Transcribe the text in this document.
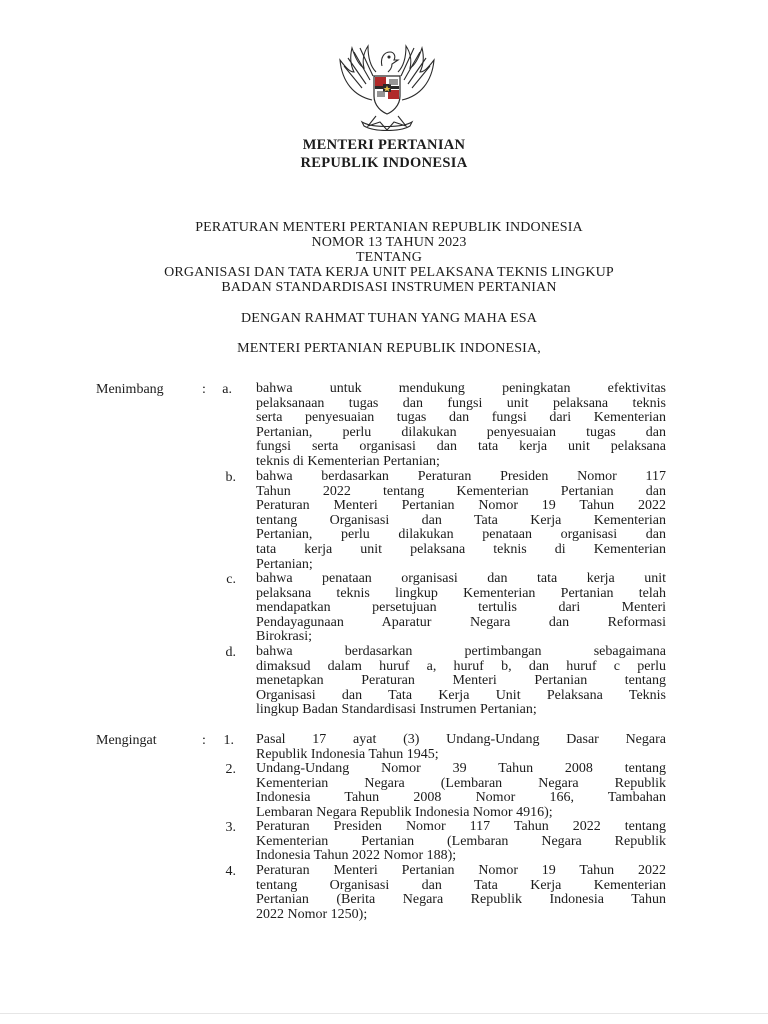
MENTERI PERTANIAN
REPUBLIK INDONESIA
PERATURAN MENTERI PERTANIAN REPUBLIK INDONESIA
NOMOR 13 TAHUN 2023
TENTANG
ORGANISASI DAN TATA KERJA UNIT PELAKSANA TEKNIS LINGKUP
BADAN STANDARDISASI INSTRUMEN PERTANIAN
DENGAN RAHMAT TUHAN YANG MAHA ESA
MENTERI PERTANIAN REPUBLIK INDONESIA,
Menimbang	:	a. bahwa untuk mendukung peningkatan efektivitas
pelaksanaan tugas dan fungsi unit pelaksana teknis
serta penyesuaian tugas dan fungsi dari Kementerian
Pertanian, perlu dilakukan penyesuaian tugas dan
fungsi serta organisasi dan tata kerja unit pelaksana
teknis di Kementerian Pertanian;
b. bahwa berdasarkan Peraturan Presiden Nomor 117
Tahun 2022 tentang Kementerian Pertanian dan
Peraturan Menteri Pertanian Nomor 19 Tahun 2022
tentang Organisasi dan Tata Kerja Kementerian
Pertanian, perlu dilakukan penataan organisasi dan
tata kerja unit pelaksana teknis di Kementerian
Pertanian;
c. bahwa penataan organisasi dan tata kerja unit
pelaksana teknis lingkup Kementerian Pertanian telah
mendapatkan persetujuan tertulis dari Menteri
Pendayagunaan Aparatur Negara dan Reformasi
Birokrasi;
d. bahwa berdasarkan pertimbangan sebagaimana
dimaksud dalam huruf a, huruf b, dan huruf c perlu
menetapkan Peraturan Menteri Pertanian tentang
Organisasi dan Tata Kerja Unit Pelaksana Teknis
lingkup Badan Standardisasi Instrumen Pertanian;
Mengingat	:	1. Pasal 17 ayat (3) Undang-Undang Dasar Negara
Republik Indonesia Tahun 1945;
2. Undang-Undang Nomor 39 Tahun 2008 tentang
Kementerian Negara (Lembaran Negara Republik
Indonesia Tahun 2008 Nomor 166, Tambahan
Lembaran Negara Republik Indonesia Nomor 4916);
3. Peraturan Presiden Nomor 117 Tahun 2022 tentang
Kementerian Pertanian (Lembaran Negara Republik
Indonesia Tahun 2022 Nomor 188);
4. Peraturan Menteri Pertanian Nomor 19 Tahun 2022
tentang Organisasi dan Tata Kerja Kementerian
Pertanian (Berita Negara Republik Indonesia Tahun
2022 Nomor 1250);
